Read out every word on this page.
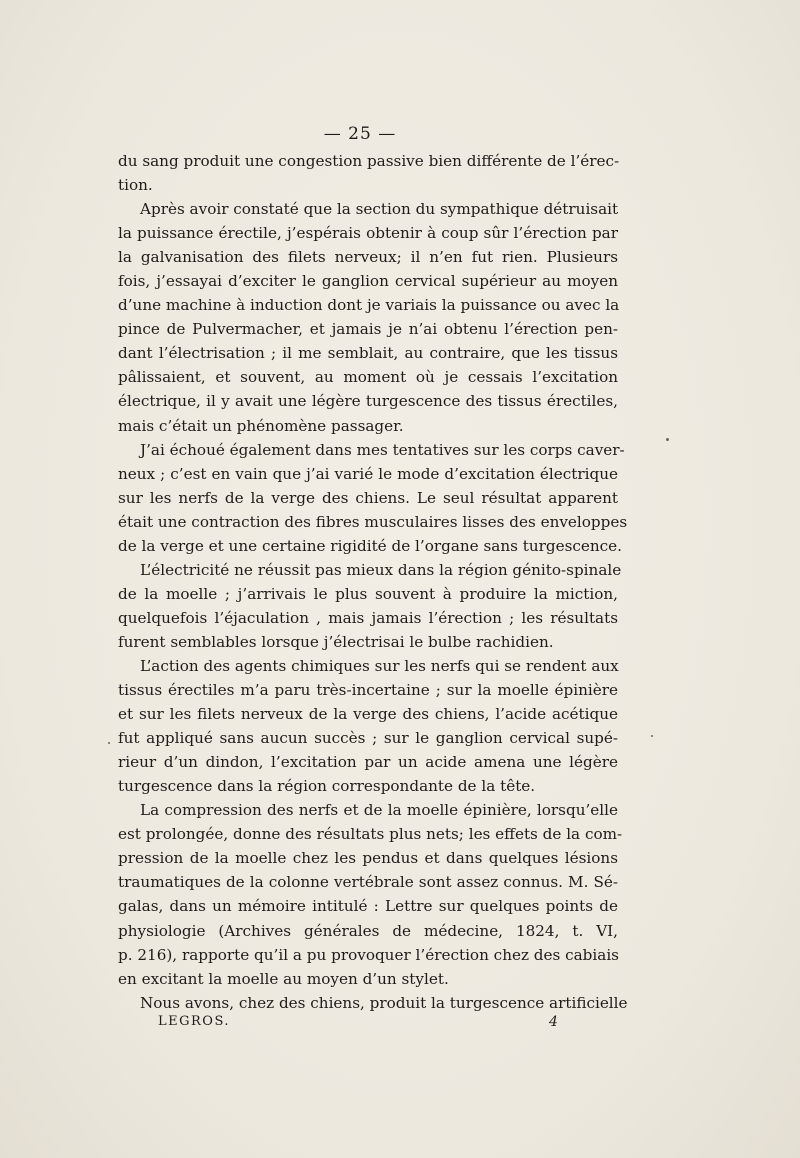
— 25 —
du sang produit une congestion passive bien différente de l’érec-
tion.
Après avoir constaté que la section du sympathique détruisait
la puissance érectile, j’espérais obtenir à coup sûr l’érection par
la galvanisation des filets nerveux; il n’en fut rien. Plusieurs
fois, j’essayai d’exciter le ganglion cervical supérieur au moyen
d’une machine à induction dont je variais la puissance ou avec la
pince de Pulvermacher, et jamais je n’ai obtenu l’érection pen-
dant l’électrisation ; il me semblait, au contraire, que les tissus
pâlissaient, et souvent, au moment où je cessais l’excitation
électrique, il y avait une légère turgescence des tissus érectiles,
mais c’était un phénomène passager.
J’ai échoué également dans mes tentatives sur les corps caver-
neux ; c’est en vain que j’ai varié le mode d’excitation électrique
sur les nerfs de la verge des chiens. Le seul résultat apparent
était une contraction des fibres musculaires lisses des enveloppes
de la verge et une certaine rigidité de l’organe sans turgescence.
L’électricité ne réussit pas mieux dans la région génito-spinale
de la moelle ; j’arrivais le plus souvent à produire la miction,
quelquefois l’éjaculation , mais jamais l’érection ; les résultats
furent semblables lorsque j’électrisai le bulbe rachidien.
L’action des agents chimiques sur les nerfs qui se rendent aux
tissus érectiles m’a paru très-incertaine ; sur la moelle épinière
et sur les filets nerveux de la verge des chiens, l’acide acétique
fut appliqué sans aucun succès ; sur le ganglion cervical supé-
rieur d’un dindon, l’excitation par un acide amena une légère
turgescence dans la région correspondante de la tête.
La compression des nerfs et de la moelle épinière, lorsqu’elle
est prolongée, donne des résultats plus nets; les effets de la com-
pression de la moelle chez les pendus et dans quelques lésions
traumatiques de la colonne vertébrale sont assez connus. M. Sé-
galas, dans un mémoire intitulé : Lettre sur quelques points de
physiologie (Archives générales de médecine, 1824, t. VI,
p. 216), rapporte qu’il a pu provoquer l’érection chez des cabiais
en excitant la moelle au moyen d’un stylet.
Nous avons, chez des chiens, produit la turgescence artificielle
LEGROS.	4
